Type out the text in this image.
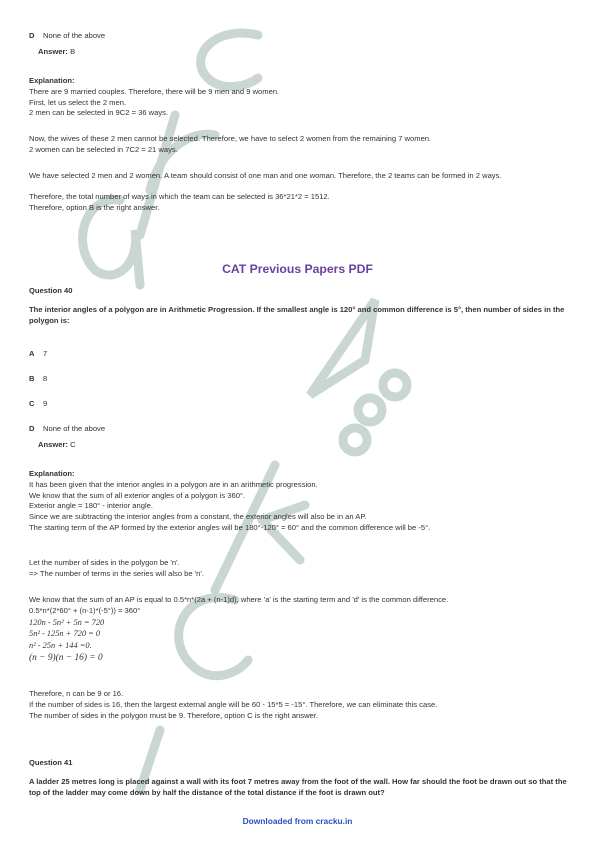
D	None of the above
Answer: B
Explanation:

There are 9 married couples. Therefore, there will be 9 men and 9 women.

First, let us select the 2 men.

2 men can be selected in 9C2 = 36 ways.

Now, the wives of these 2 men cannot be selected. Therefore, we have to select 2 women from the remaining 7 women.

2 women can be selected in 7C2 = 21 ways.

We have selected 2 men and 2 women. A team should consist of one man and one woman. Therefore, the 2 teams can be formed in 2 ways.

Therefore, the total number of ways in which the team can be selected is 36*21*2 = 1512.

Therefore, option B is the right answer.

CAT Previous Papers PDF
Question 40
The interior angles of a polygon are in Arithmetic Progression. If the smallest angle is 120° and common difference is 5°, then number of sides in the polygon is:
A	7
B	8
C	9
D	None of the above
Answer: C
Explanation:

It has been given that the interior angles in a polygon are in an arithmetic progression.

We know that the sum of all exterior angles of a polygon is 360°.

Exterior angle = 180° - interior angle.

Since we are subtracting the interior angles from a constant, the exterior angles will also be in an AP.

The starting term of the AP formed by the exterior angles will be 180°-120° = 60° and the common difference will be -5°.

Let the number of sides in the polygon be 'n'.

=> The number of terms in the series will also be 'n'.

We know that the sum of an AP is equal to 0.5*n*(2a + (n-1)d), where 'a' is the starting term and 'd' is the common difference.

0.5*n*(2*60° + (n-1)*(-5°)) = 360°

120n - 5n² + 5n = 720

5n² - 125n + 720 = 0

n² - 25n + 144 =0.

(n − 9)(n − 16) = 0

Therefore, n can be 9 or 16.

If the number of sides is 16, then the largest external angle will be 60 - 15*5 = -15°. Therefore, we can eliminate this case.

The number of sides in the polygon must be 9. Therefore, option C is the right answer.

Question 41
A ladder 25 metres long is placed against a wall with its foot 7 metres away from the foot of the wall. How far should the foot be drawn out so that the top of the ladder may come down by half the distance of the total distance if the foot is drawn out?
Downloaded from cracku.in
